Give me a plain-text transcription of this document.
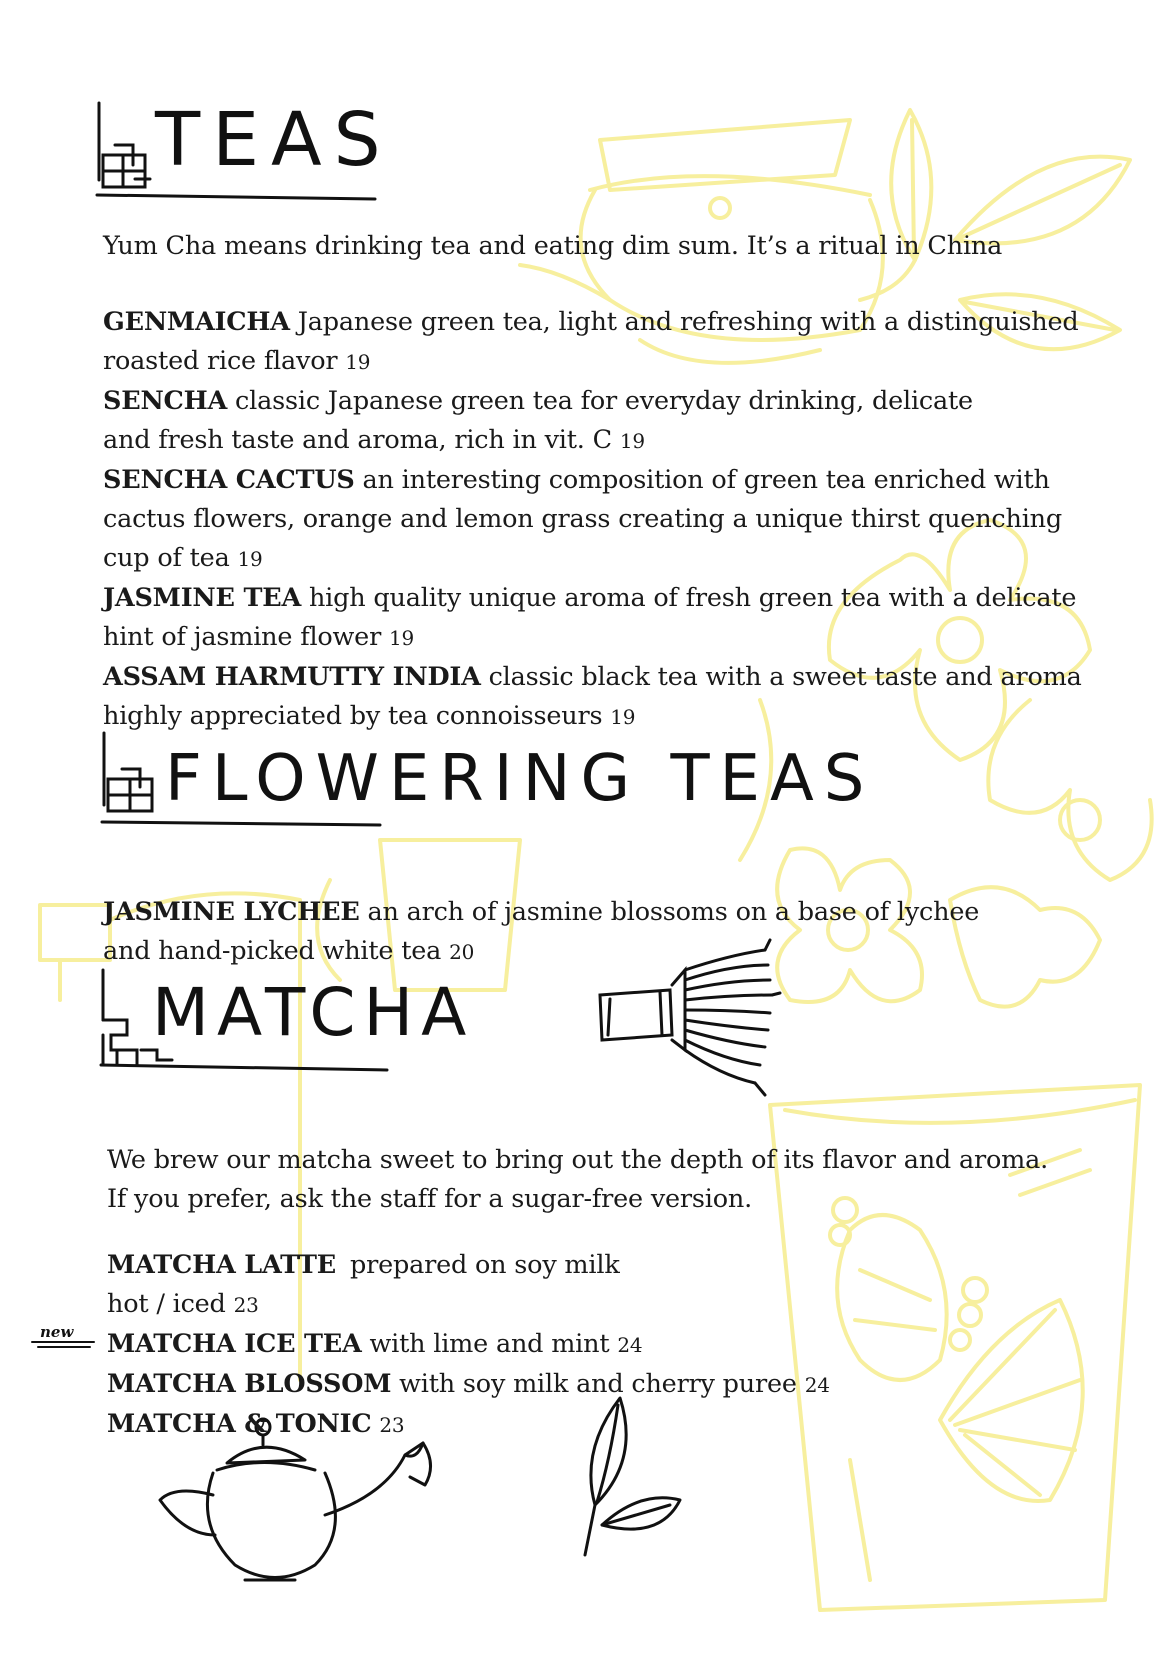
TEAS
FLOWERING TEAS
MATCHA
new
Yum Cha means drinking tea and eating dim sum. It’s a ritual in China
GENMAICHA Japanese green tea, light and refreshing with a distinguished
roasted rice flavor 19
SENCHA classic Japanese green tea for everyday drinking, delicate
and fresh taste and aroma, rich in vit. C 19
SENCHA CACTUS an interesting composition of green tea enriched with
cactus flowers, orange and lemon grass creating a unique thirst quenching
cup of tea 19
JASMINE TEA high quality unique aroma of fresh green tea with a delicate
hint of jasmine flower 19
ASSAM HARMUTTY INDIA classic black tea with a sweet taste and aroma
highly appreciated by tea connoisseurs 19
JASMINE LYCHEE an arch of jasmine blossoms on a base of lychee
and hand-picked white tea 20
We brew our matcha sweet to bring out the depth of its flavor and aroma.
If you prefer, ask the staff for a sugar-free version.
MATCHA LATTE prepared on soy milk
hot / iced 23
MATCHA ICE TEA with lime and mint 24
MATCHA BLOSSOM with soy milk and cherry puree 24
MATCHA & TONIC 23
